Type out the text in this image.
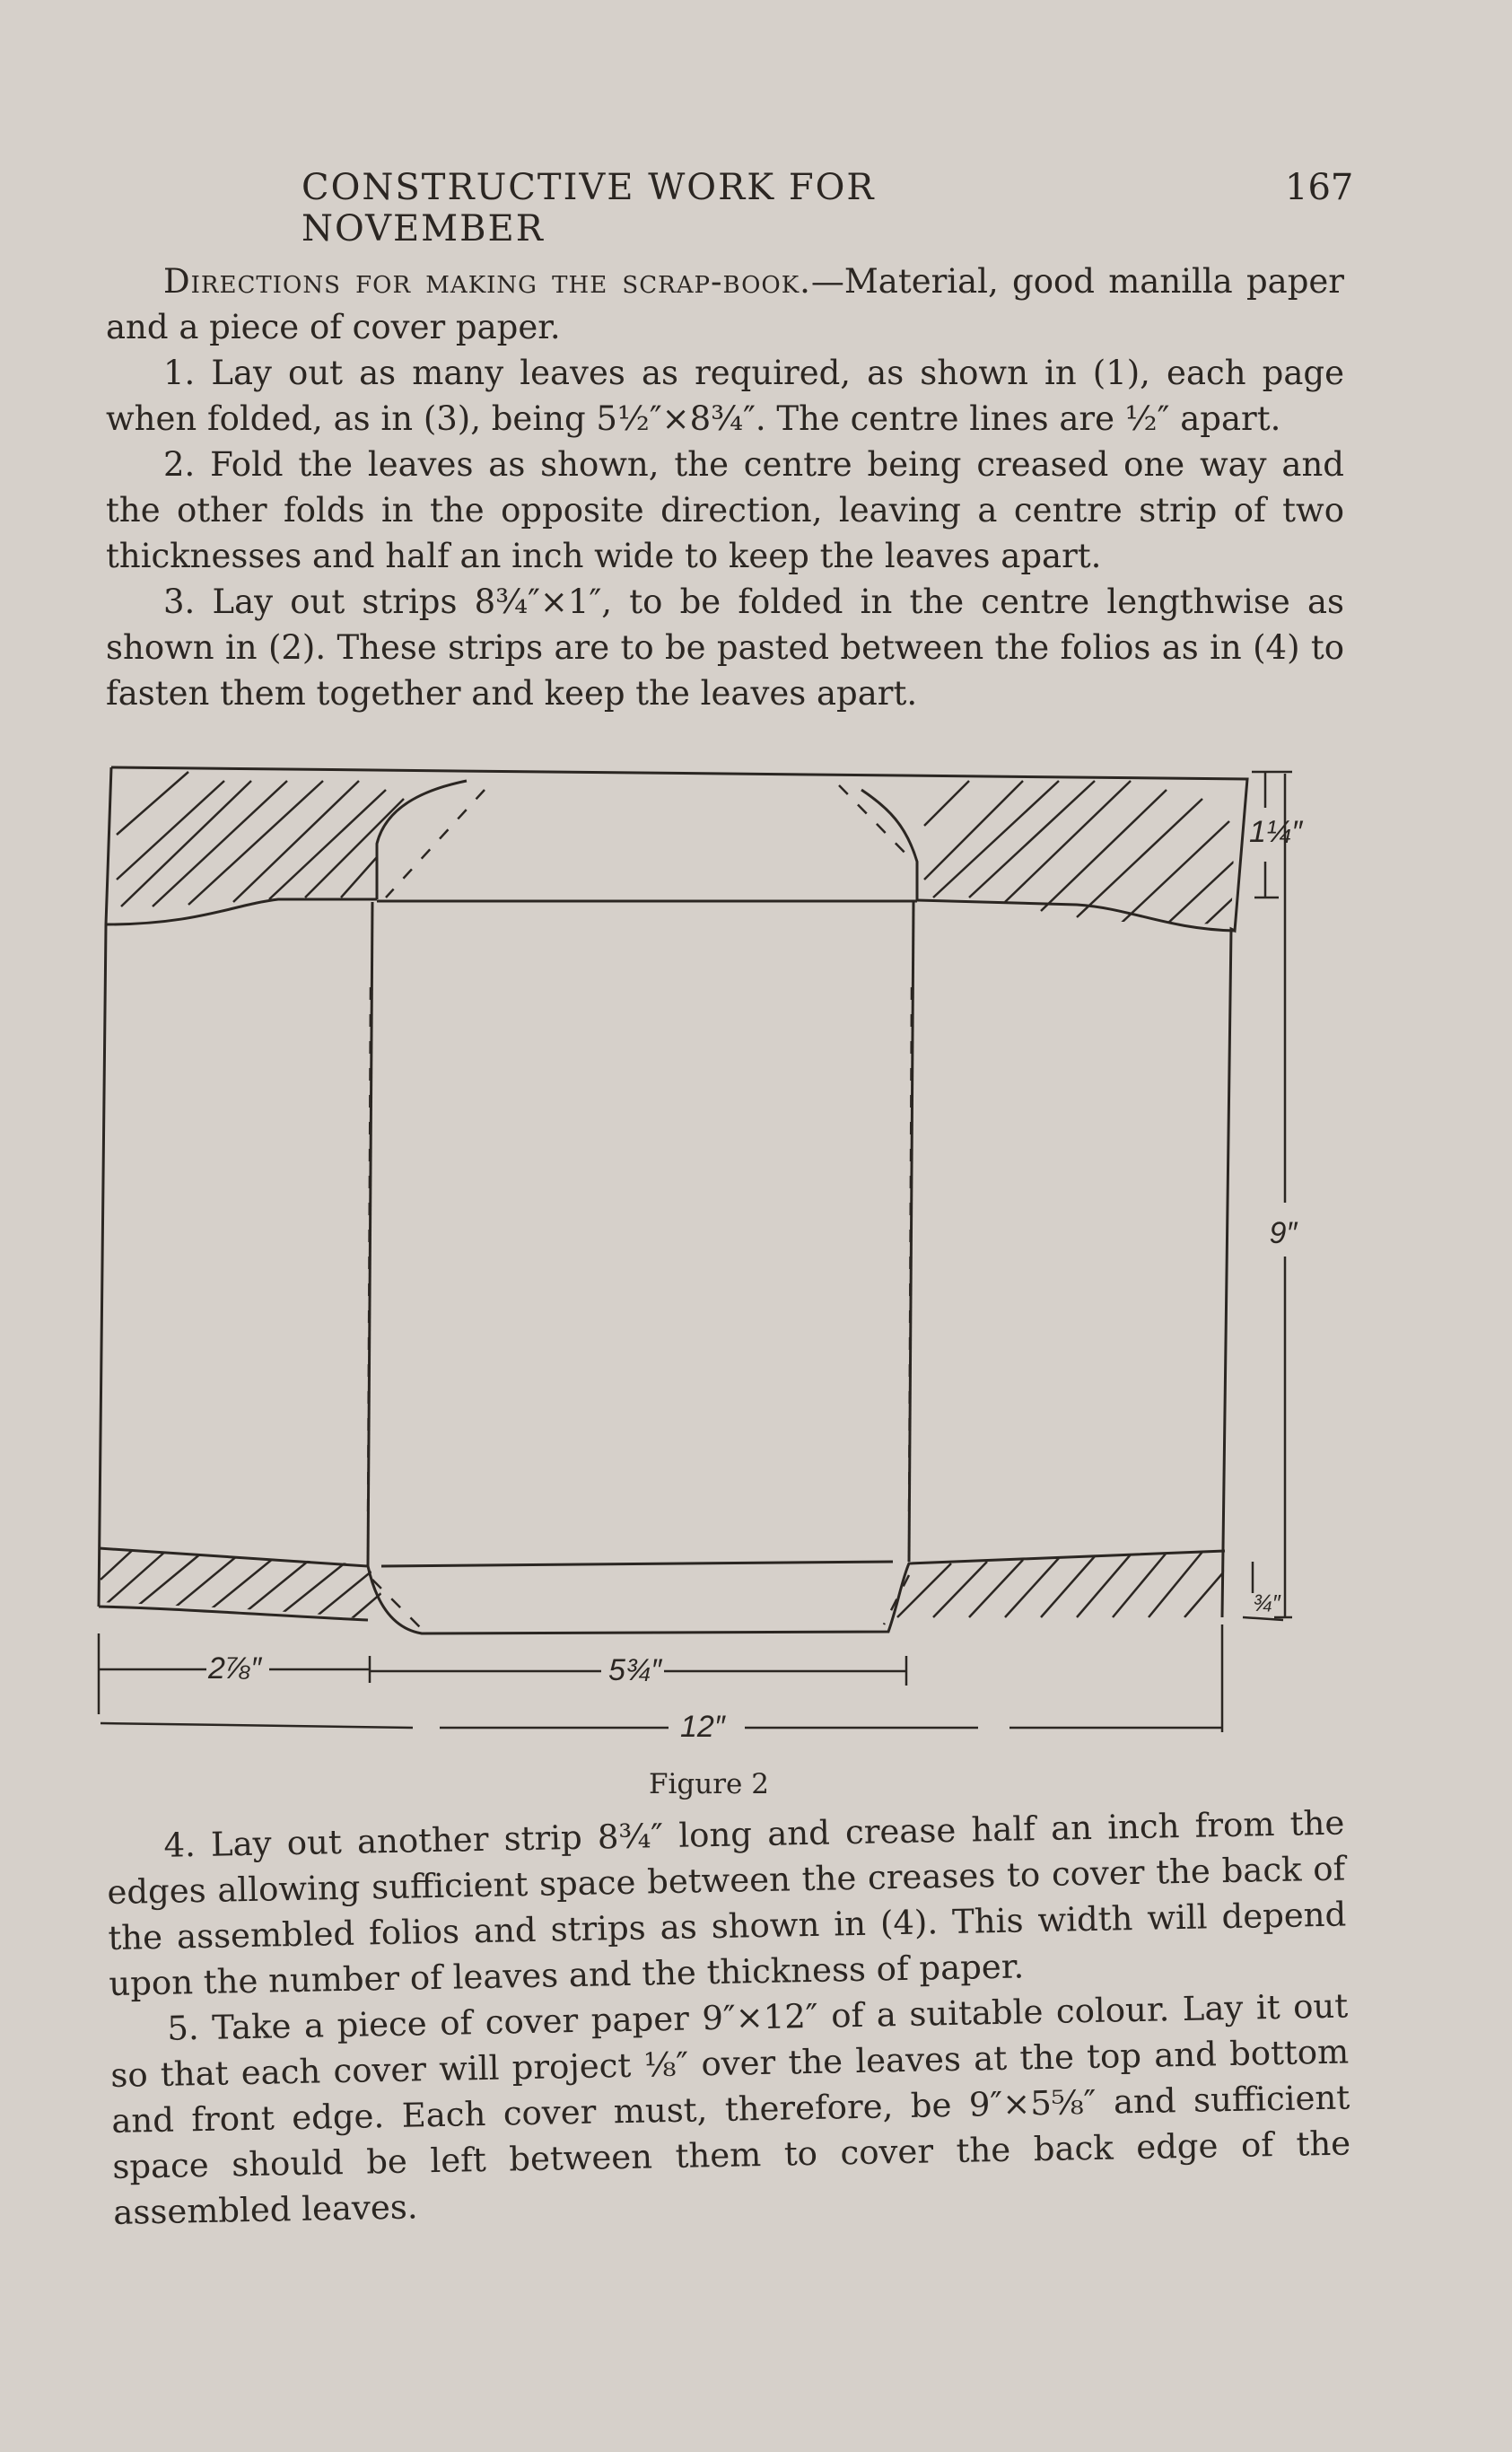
CONSTRUCTIVE WORK FOR NOVEMBER
167

Directions for making the scrap-book.—Material, good manilla paper and a piece of cover paper.

1. Lay out as many leaves as required, as shown in (1), each page when folded, as in (3), being 5½″×8¾″. The centre lines are ½″ apart.

2. Fold the leaves as shown, the centre being creased one way and the other folds in the opposite direction, leaving a centre strip of two thicknesses and half an inch wide to keep the leaves apart.

3. Lay out strips 8¾″×1″, to be folded in the centre lengthwise as shown in (2). These strips are to be pasted between the folios as in (4) to fasten them together and keep the leaves apart.

1¼″
9″
¾″
2⅞″	5¾″
12″
Figure 2

4. Lay out another strip 8¾″ long and crease half an inch from the edges allowing sufficient space between the creases to cover the back of the assembled folios and strips as shown in (4). This width will depend upon the number of leaves and the thickness of paper.

5. Take a piece of cover paper 9″×12″ of a suitable colour. Lay it out so that each cover will project ⅛″ over the leaves at the top and bottom and front edge. Each cover must, therefore, be 9″×5⅝″ and sufficient space should be left between them to cover the back edge of the assembled leaves.
